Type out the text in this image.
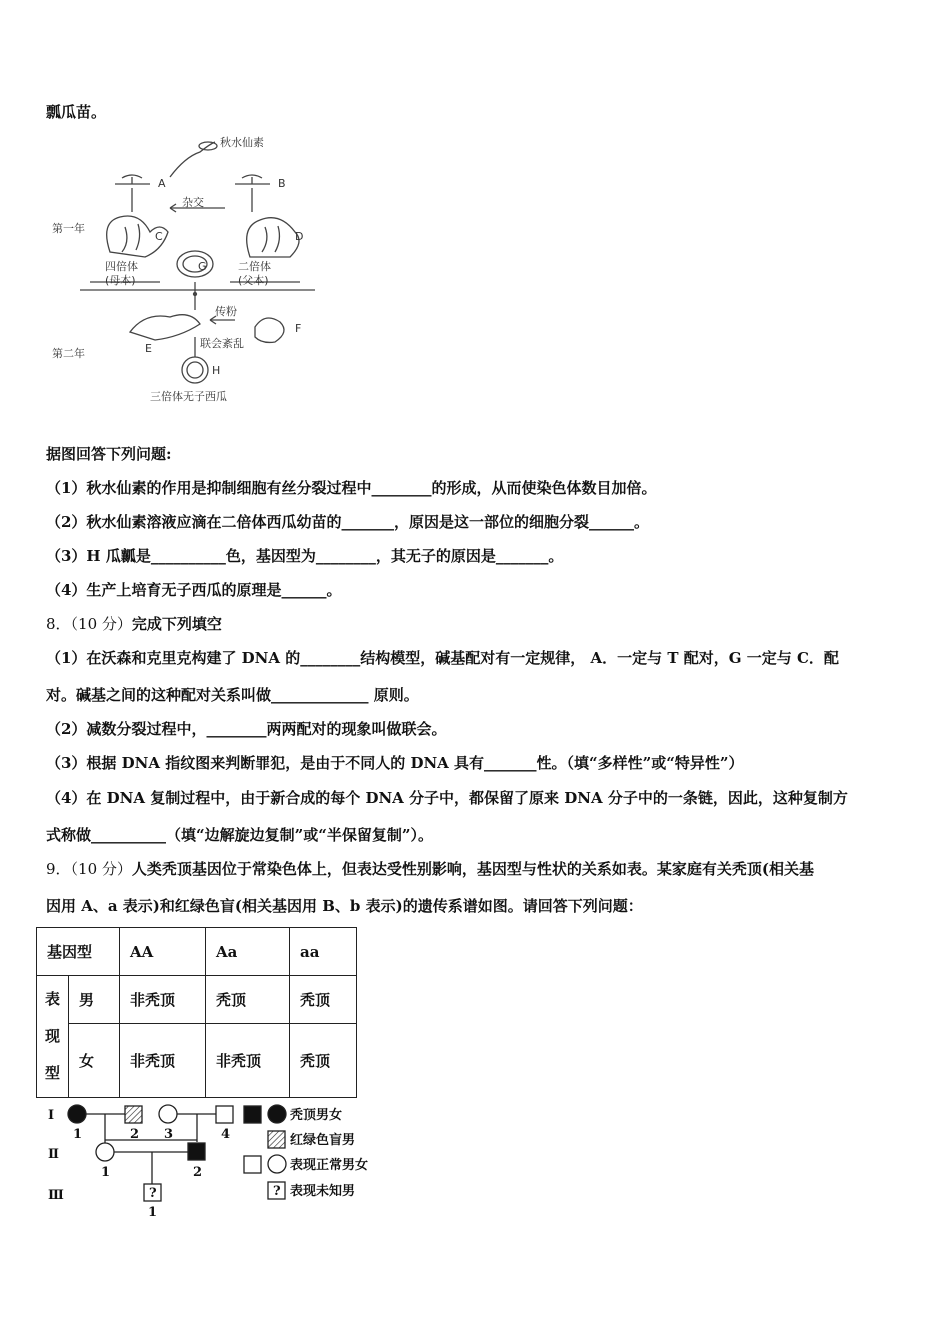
瓢瓜苗。
秋水仙素
A	B
杂交
C	D
G
四倍体
(母本)
二倍体
(父本)
传粉
E
F
联会紊乱
H
三倍体无子西瓜
第一年
第二年
据图回答下列问题:
（1）秋水仙素的作用是抑制细胞有丝分裂过程中________的形成，从而使染色体数目加倍。
（2）秋水仙素溶液应滴在二倍体西瓜幼苗的_______，原因是这一部位的细胞分裂______。
（3）H 瓜瓤是__________色，基因型为________，其无子的原因是_______。
（4）生产上培育无子西瓜的原理是______。
8．（10 分）完成下列填空
（1）在沃森和克里克构建了 DNA 的________结构模型，碱基配对有一定规律， A．一定与 T 配对，G 一定与 C．配
对。碱基之间的这种配对关系叫做_____________ 原则。
（2）减数分裂过程中，________两两配对的现象叫做联会。
（3）根据 DNA 指纹图来判断罪犯，是由于不同人的 DNA 具有_______性。（填“多样性”或“特异性”）
（4）在 DNA 复制过程中，由于新合成的每个 DNA 分子中，都保留了原来 DNA 分子中的一条链，因此，这种复制方
式称做__________（填“边解旋边复制”或“半保留复制”）。
9．（10 分）人类秃顶基因位于常染色体上，但表达受性别影响，基因型与性状的关系如表。某家庭有关秃顶(相关基
因用 A、a 表示)和红绿色盲(相关基因用 B、b 表示)的遗传系谱如图。请回答下列问题：
基因型		AA	Aa	aa
表现型	男	非秃顶	秃顶	秃顶
	女	非秃顶	非秃顶	秃顶
Ⅰ
Ⅱ
Ⅲ
1	2 3	4
1	2
1
?	?
秃顶男女
红绿色盲男
表现正常男女
表现未知男
